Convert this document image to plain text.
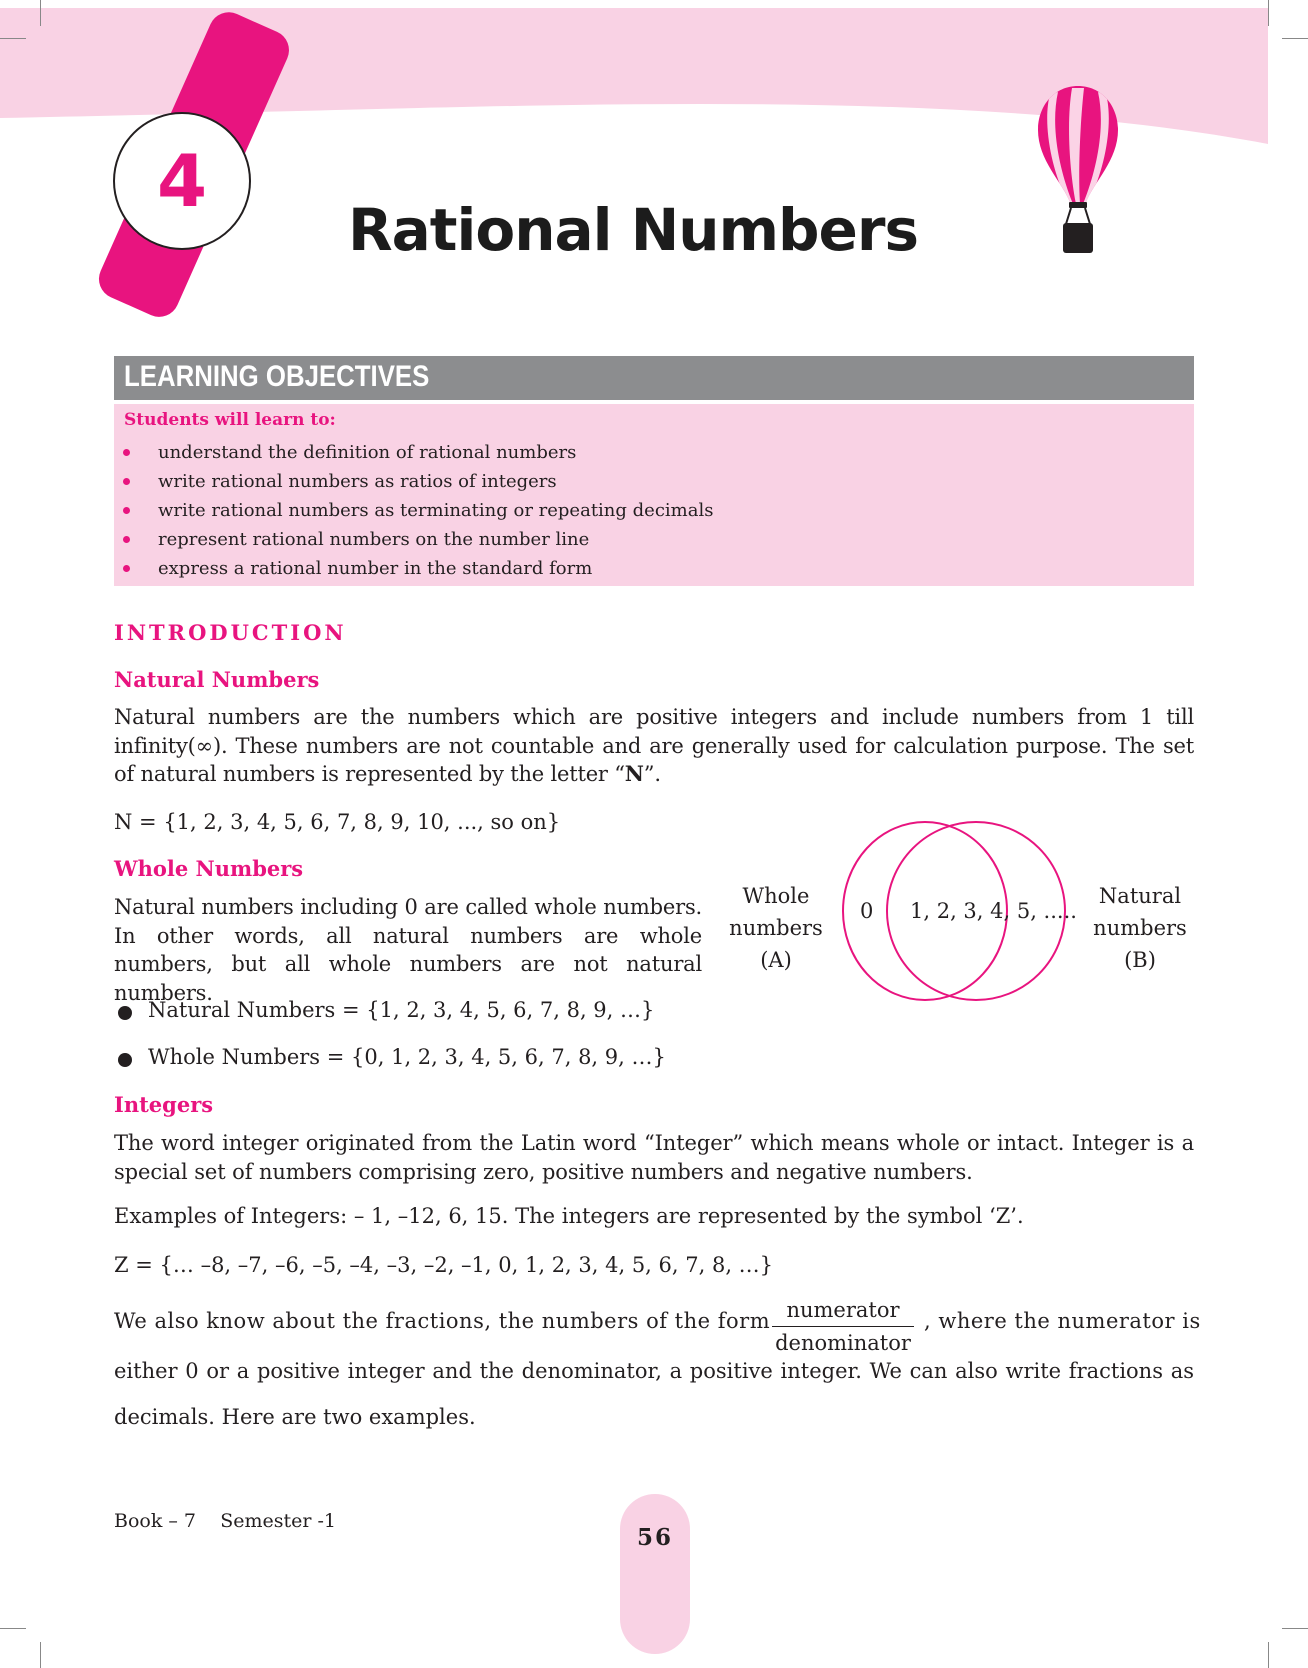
4
Rational Numbers
LEARNING OBJECTIVES
Students will learn to:
understand the definition of rational numbers
write rational numbers as ratios of integers
write rational numbers as terminating or repeating decimals
represent rational numbers on the number line
express a rational number in the standard form
INTRODUCTION
Natural Numbers
Natural numbers are the numbers which are positive integers and include numbers from 1 till infinity(∞). These numbers are not countable and are generally used for calculation purpose. The set of natural numbers is represented by the letter “N”.
N = {1, 2, 3, 4, 5, 6, 7, 8, 9, 10, ..., so on}
Whole Numbers
Natural numbers including 0 are called whole numbers. In other words, all natural numbers are whole numbers, but all whole numbers are not natural numbers.
Natural Numbers = {1, 2, 3, 4, 5, 6, 7, 8, 9, …}
Whole Numbers = {0, 1, 2, 3, 4, 5, 6, 7, 8, 9, …}
Whole
numbers
(A)
Natural
numbers
(B)
0 1, 2, 3, 4, 5, .....
Integers
The word integer originated from the Latin word “Integer” which means whole or intact. Integer is a special set of numbers comprising zero, positive numbers and negative numbers.
Examples of Integers: – 1, –12, 6, 15. The integers are represented by the symbol ‘Z’.
Z = {… –8, –7, –6, –5, –4, –3, –2, –1, 0, 1, 2, 3, 4, 5, 6, 7, 8, …}
We also know about the fractions, the numbers of the form numerator
denominator
, where the numerator is
either 0 or a positive integer and the denominator, a positive integer. We can also write fractions as
decimals. Here are two examples.
Book – 7 Semester -1
56
